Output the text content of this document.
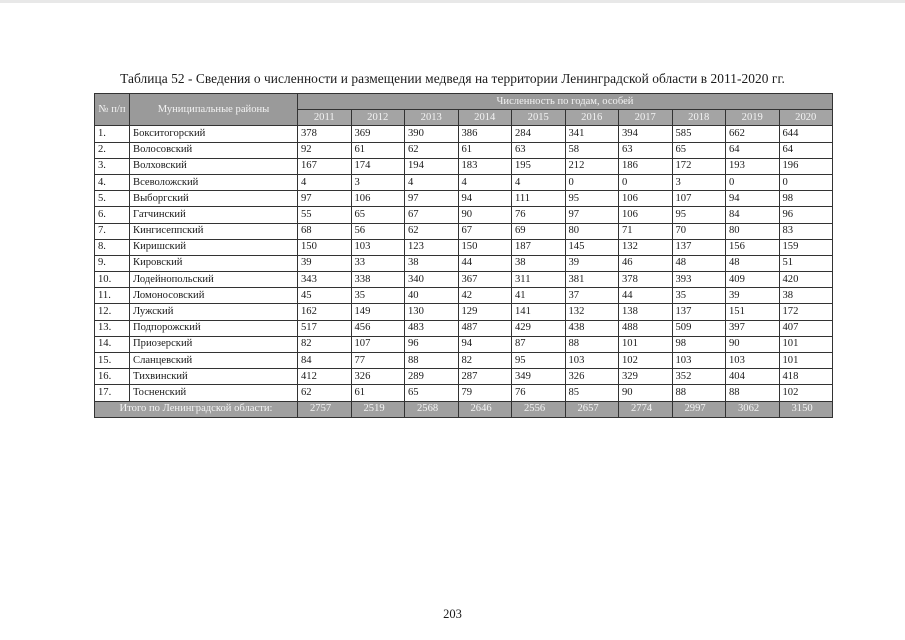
Таблица 52 - Сведения о численности и размещении медведя на территории Ленинградской области в 2011-2020 гг.
№ п/п	Муниципальные районы	Численность по годам, особей									
		2011	2012	2013	2014	2015	2016	2017	2018	2019	2020
1.	Бокситогорский	378	369	390	386	284	341	394	585	662	644
2.	Волосовский	92	61	62	61	63	58	63	65	64	64
3.	Волховский	167	174	194	183	195	212	186	172	193	196
4.	Всеволожский	4	3	4	4	4	0	0	3	0	0
5.	Выборгский	97	106	97	94	111	95	106	107	94	98
6.	Гатчинский	55	65	67	90	76	97	106	95	84	96
7.	Кингисеппский	68	56	62	67	69	80	71	70	80	83
8.	Киришский	150	103	123	150	187	145	132	137	156	159
9.	Кировский	39	33	38	44	38	39	46	48	48	51
10.	Лодейнопольский	343	338	340	367	311	381	378	393	409	420
11.	Ломоносовский	45	35	40	42	41	37	44	35	39	38
12.	Лужский	162	149	130	129	141	132	138	137	151	172
13.	Подпорожский	517	456	483	487	429	438	488	509	397	407
14.	Приозерский	82	107	96	94	87	88	101	98	90	101
15.	Сланцевский	84	77	88	82	95	103	102	103	103	101
16.	Тихвинский	412	326	289	287	349	326	329	352	404	418
17.	Тосненский	62	61	65	79	76	85	90	88	88	102
Итого по Ленинградской области:		2757	2519	2568	2646	2556	2657	2774	2997	3062	3150
203
